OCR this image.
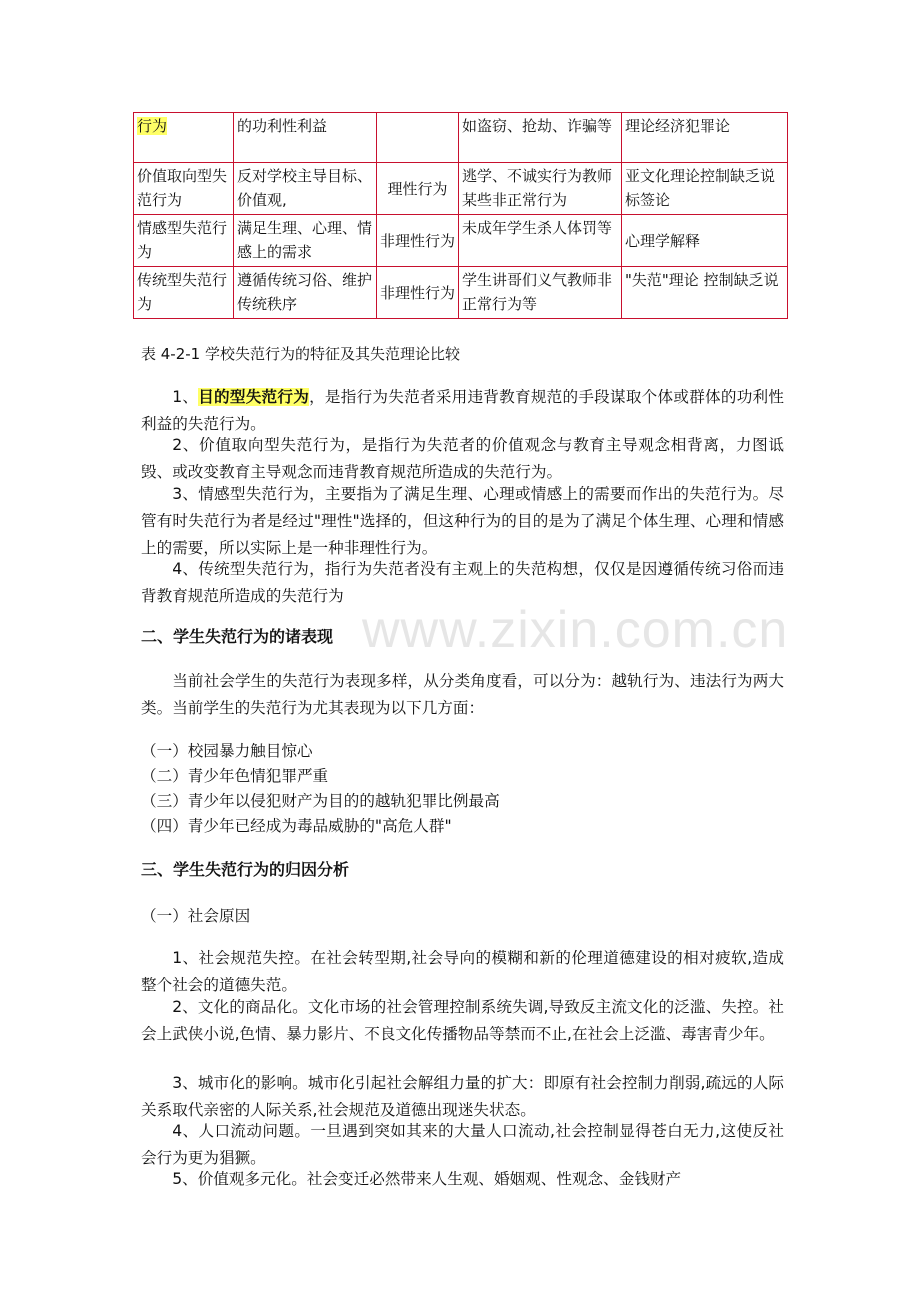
行为	的功利性利益		如盗窃、抢劫、诈骗等	理论经济犯罪论
价值取向型失范行为	反对学校主导目标、价值观,	理性行为	逃学、不诚实行为教师某些非正常行为	亚文化理论控制缺乏说标签论
情感型失范行为	满足生理、心理、情感上的需求	非理性行为	未成年学生杀人体罚等	心理学解释
传统型失范行为	遵循传统习俗、维护传统秩序	非理性行为	学生讲哥们义气教师非正常行为等	"失范"理论 控制缺乏说
表 4-2-1 学校失范行为的特征及其失范理论比较

1、目的型失范行为，是指行为失范者采用违背教育规范的手段谋取个体或群体的功利性利益的失范行为。

2、价值取向型失范行为，是指行为失范者的价值观念与教育主导观念相背离，力图诋毁、或改变教育主导观念而违背教育规范所造成的失范行为。

3、情感型失范行为，主要指为了满足生理、心理或情感上的需要而作出的失范行为。尽管有时失范行为者是经过"理性"选择的，但这种行为的目的是为了满足个体生理、心理和情感上的需要，所以实际上是一种非理性行为。

4、传统型失范行为，指行为失范者没有主观上的失范构想，仅仅是因遵循传统习俗而违背教育规范所造成的失范行为

www.zixin.com.cn
二、学生失范行为的诸表现

当前社会学生的失范行为表现多样，从分类角度看，可以分为：越轨行为、违法行为两大类。当前学生的失范行为尤其表现为以下几方面：

（一）校园暴力触目惊心

（二）青少年色情犯罪严重

（三）青少年以侵犯财产为目的的越轨犯罪比例最高

（四）青少年已经成为毒品威胁的"高危人群"

三、学生失范行为的归因分析

（一）社会原因

1、社会规范失控。在社会转型期,社会导向的模糊和新的伦理道德建设的相对疲软,造成整个社会的道德失范。

2、文化的商品化。文化市场的社会管理控制系统失调,导致反主流文化的泛滥、失控。社会上武侠小说,色情、暴力影片、不良文化传播物品等禁而不止,在社会上泛滥、毒害青少年。

3、城市化的影响。城市化引起社会解组力量的扩大：即原有社会控制力削弱,疏远的人际关系取代亲密的人际关系,社会规范及道德出现迷失状态。

4、人口流动问题。一旦遇到突如其来的大量人口流动,社会控制显得苍白无力,这使反社会行为更为猖獗。

5、价值观多元化。社会变迁必然带来人生观、婚姻观、性观念、金钱财产
